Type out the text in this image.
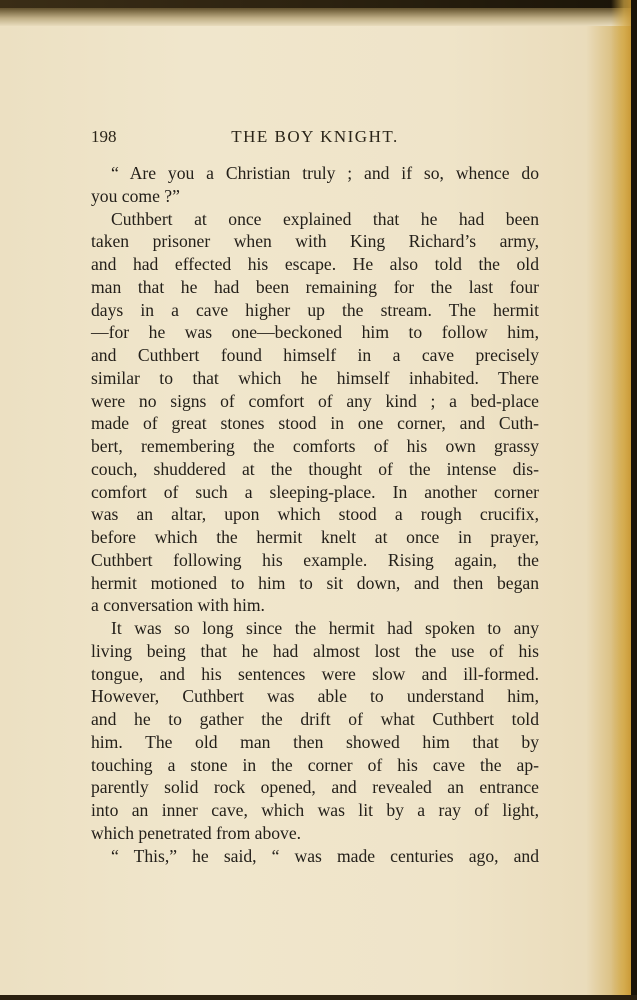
198	THE BOY KNIGHT.
“ Are you a Christian truly ; and if so, whence do
you come ?”
Cuthbert at once explained that he had been
taken prisoner when with King Richard’s army,
and had effected his escape. He also told the old
man that he had been remaining for the last four
days in a cave higher up the stream. The hermit
—for he was one—beckoned him to follow him,
and Cuthbert found himself in a cave precisely
similar to that which he himself inhabited. There
were no signs of comfort of any kind ; a bed-place
made of great stones stood in one corner, and Cuth-
bert, remembering the comforts of his own grassy
couch, shuddered at the thought of the intense dis-
comfort of such a sleeping-place. In another corner
was an altar, upon which stood a rough crucifix,
before which the hermit knelt at once in prayer,
Cuthbert following his example. Rising again, the
hermit motioned to him to sit down, and then began
a conversation with him.
It was so long since the hermit had spoken to any
living being that he had almost lost the use of his
tongue, and his sentences were slow and ill-formed.
However, Cuthbert was able to understand him,
and he to gather the drift of what Cuthbert told
him. The old man then showed him that by
touching a stone in the corner of his cave the ap-
parently solid rock opened, and revealed an entrance
into an inner cave, which was lit by a ray of light,
which penetrated from above.
“ This,” he said, “ was made centuries ago, and
